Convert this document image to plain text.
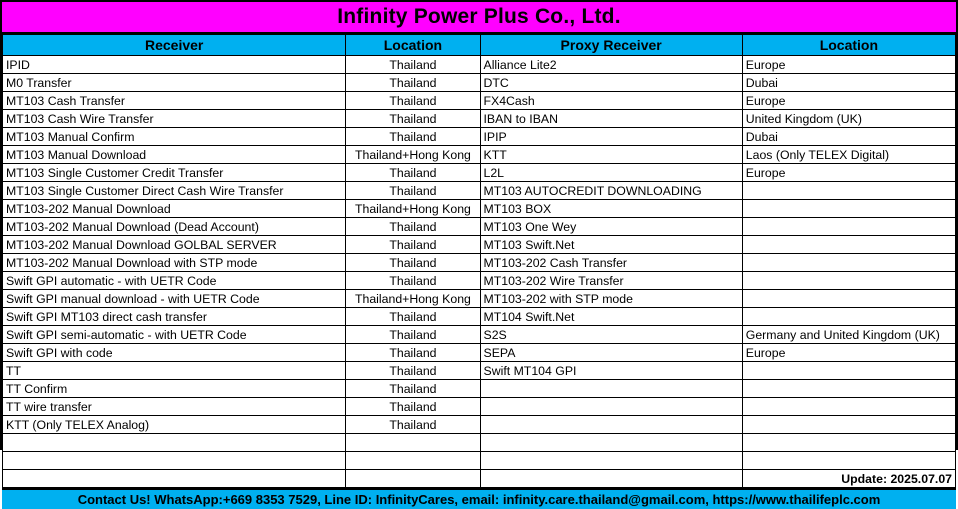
Infinity Power Plus Co., Ltd.
Receiver	Location	Proxy Receiver	Location
IPID	Thailand	Alliance Lite2	Europe
M0 Transfer	Thailand	DTC	Dubai
MT103 Cash Transfer	Thailand	FX4Cash	Europe
MT103 Cash Wire Transfer	Thailand	IBAN to IBAN	United Kingdom (UK)
MT103 Manual Confirm	Thailand	IPIP	Dubai
MT103 Manual Download	Thailand+Hong Kong	KTT	Laos (Only TELEX Digital)
MT103 Single Customer Credit Transfer	Thailand	L2L	Europe
MT103 Single Customer Direct Cash Wire Transfer	Thailand	MT103 AUTOCREDIT DOWNLOADING	
MT103-202 Manual Download	Thailand+Hong Kong	MT103 BOX	
MT103-202 Manual Download (Dead Account)	Thailand	MT103 One Wey	
MT103-202 Manual Download GOLBAL SERVER	Thailand	MT103 Swift.Net	
MT103-202 Manual Download with STP mode	Thailand	MT103-202 Cash Transfer	
Swift GPI automatic - with UETR Code	Thailand	MT103-202 Wire Transfer	
Swift GPI manual download - with UETR Code	Thailand+Hong Kong	MT103-202 with STP mode	
Swift GPI MT103 direct cash transfer	Thailand	MT104 Swift.Net	
Swift GPI semi-automatic - with UETR Code	Thailand	S2S	Germany and United Kingdom (UK)
Swift GPI with code	Thailand	SEPA	Europe
TT	Thailand	Swift MT104 GPI	
TT Confirm	Thailand		
TT wire transfer	Thailand		
KTT (Only TELEX Analog)	Thailand		

			Update: 2025.07.07
Contact Us! WhatsApp:+669 8353 7529, Line ID: InfinityCares, email: infinity.care.thailand@gmail.com, https://www.thailifeplc.com
